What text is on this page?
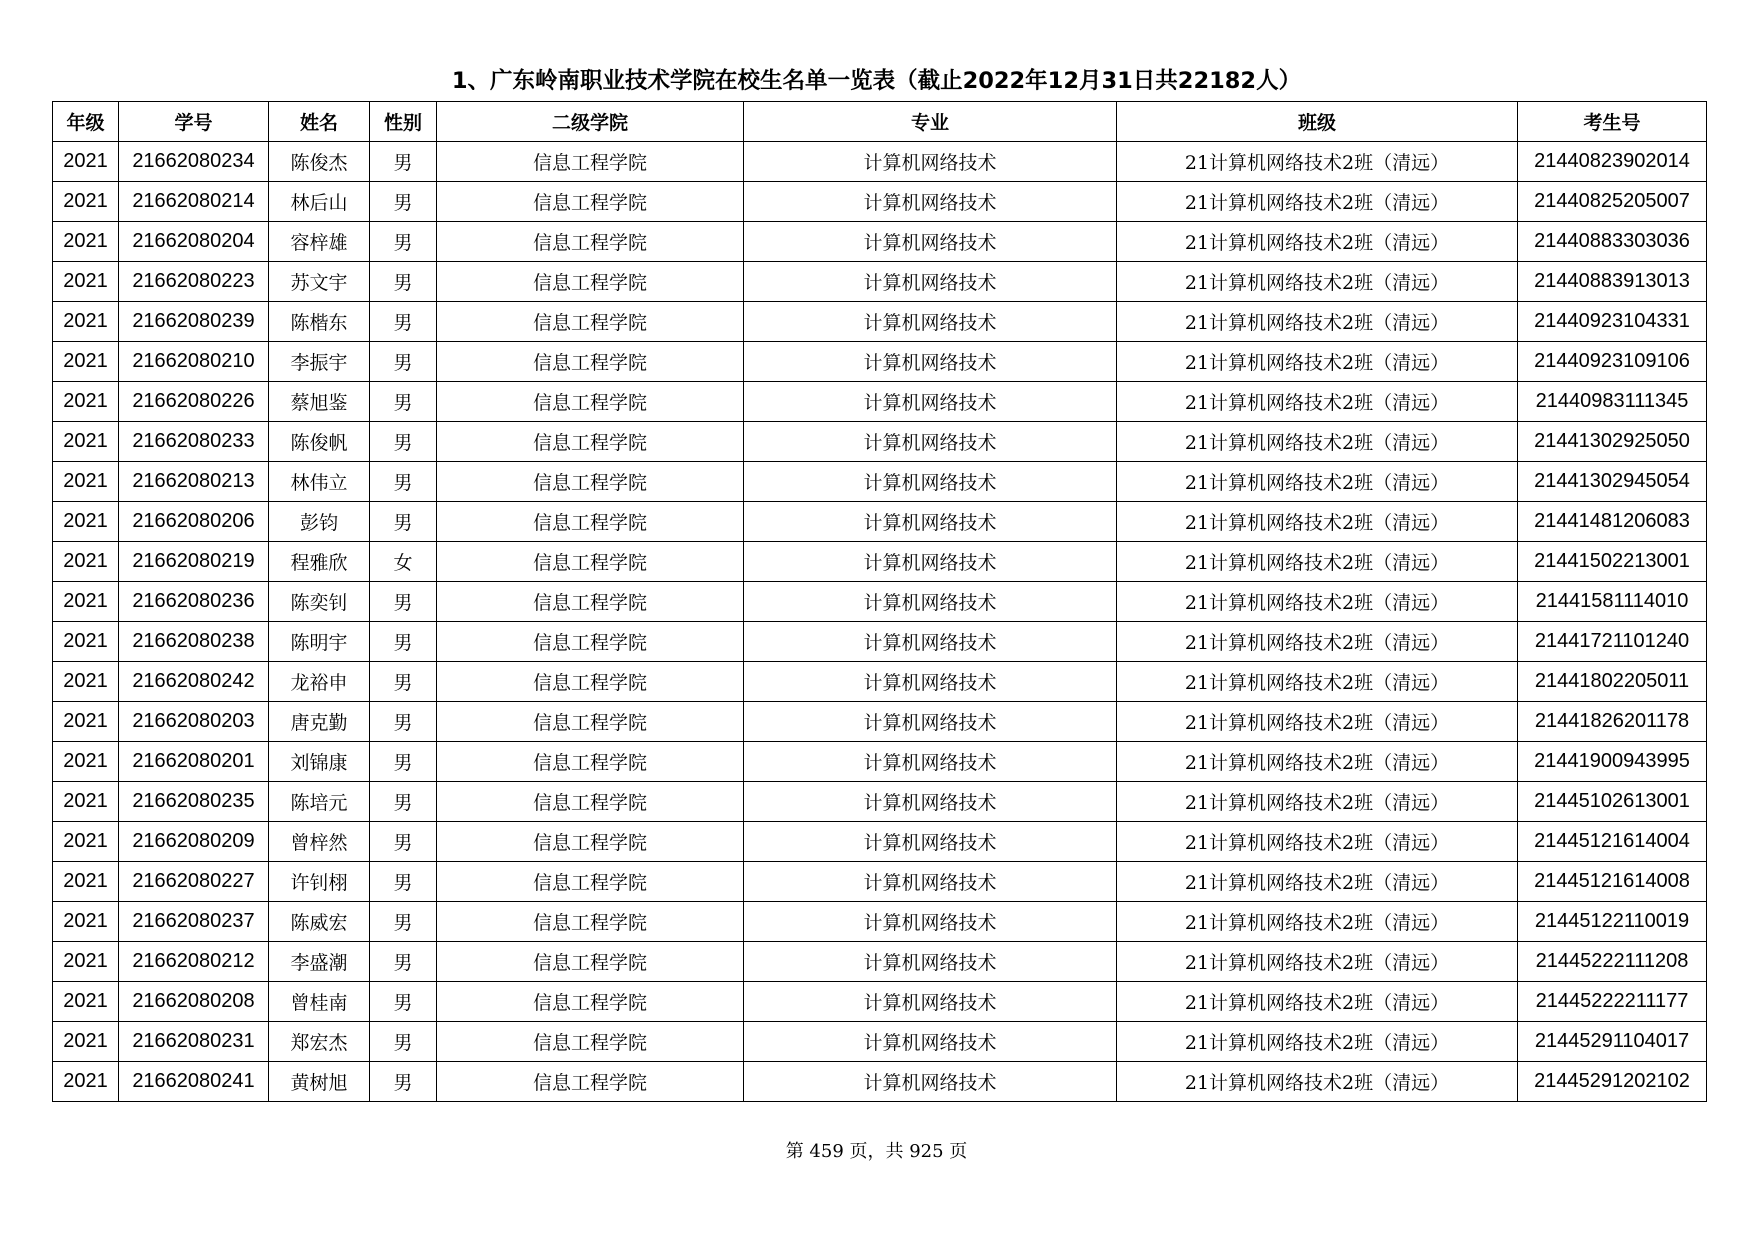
1、广东岭南职业技术学院在校生名单一览表（截止2022年12月31日共22182人）
年级	学号	姓名	性别	二级学院	专业	班级	考生号
2021	21662080234	陈俊杰	男	信息工程学院	计算机网络技术	21计算机网络技术2班（清远）	21440823902014
2021	21662080214	林后山	男	信息工程学院	计算机网络技术	21计算机网络技术2班（清远）	21440825205007
2021	21662080204	容梓雄	男	信息工程学院	计算机网络技术	21计算机网络技术2班（清远）	21440883303036
2021	21662080223	苏文宇	男	信息工程学院	计算机网络技术	21计算机网络技术2班（清远）	21440883913013
2021	21662080239	陈楷东	男	信息工程学院	计算机网络技术	21计算机网络技术2班（清远）	21440923104331
2021	21662080210	李振宇	男	信息工程学院	计算机网络技术	21计算机网络技术2班（清远）	21440923109106
2021	21662080226	蔡旭鉴	男	信息工程学院	计算机网络技术	21计算机网络技术2班（清远）	21440983111345
2021	21662080233	陈俊帆	男	信息工程学院	计算机网络技术	21计算机网络技术2班（清远）	21441302925050
2021	21662080213	林伟立	男	信息工程学院	计算机网络技术	21计算机网络技术2班（清远）	21441302945054
2021	21662080206	彭钧	男	信息工程学院	计算机网络技术	21计算机网络技术2班（清远）	21441481206083
2021	21662080219	程雅欣	女	信息工程学院	计算机网络技术	21计算机网络技术2班（清远）	21441502213001
2021	21662080236	陈奕钊	男	信息工程学院	计算机网络技术	21计算机网络技术2班（清远）	21441581114010
2021	21662080238	陈明宇	男	信息工程学院	计算机网络技术	21计算机网络技术2班（清远）	21441721101240
2021	21662080242	龙裕申	男	信息工程学院	计算机网络技术	21计算机网络技术2班（清远）	21441802205011
2021	21662080203	唐克勤	男	信息工程学院	计算机网络技术	21计算机网络技术2班（清远）	21441826201178
2021	21662080201	刘锦康	男	信息工程学院	计算机网络技术	21计算机网络技术2班（清远）	21441900943995
2021	21662080235	陈培元	男	信息工程学院	计算机网络技术	21计算机网络技术2班（清远）	21445102613001
2021	21662080209	曾梓然	男	信息工程学院	计算机网络技术	21计算机网络技术2班（清远）	21445121614004
2021	21662080227	许钊栩	男	信息工程学院	计算机网络技术	21计算机网络技术2班（清远）	21445121614008
2021	21662080237	陈威宏	男	信息工程学院	计算机网络技术	21计算机网络技术2班（清远）	21445122110019
2021	21662080212	李盛潮	男	信息工程学院	计算机网络技术	21计算机网络技术2班（清远）	21445222111208
2021	21662080208	曾桂南	男	信息工程学院	计算机网络技术	21计算机网络技术2班（清远）	21445222211177
2021	21662080231	郑宏杰	男	信息工程学院	计算机网络技术	21计算机网络技术2班（清远）	21445291104017
2021	21662080241	黄树旭	男	信息工程学院	计算机网络技术	21计算机网络技术2班（清远）	21445291202102
第 459 页，共 925 页
